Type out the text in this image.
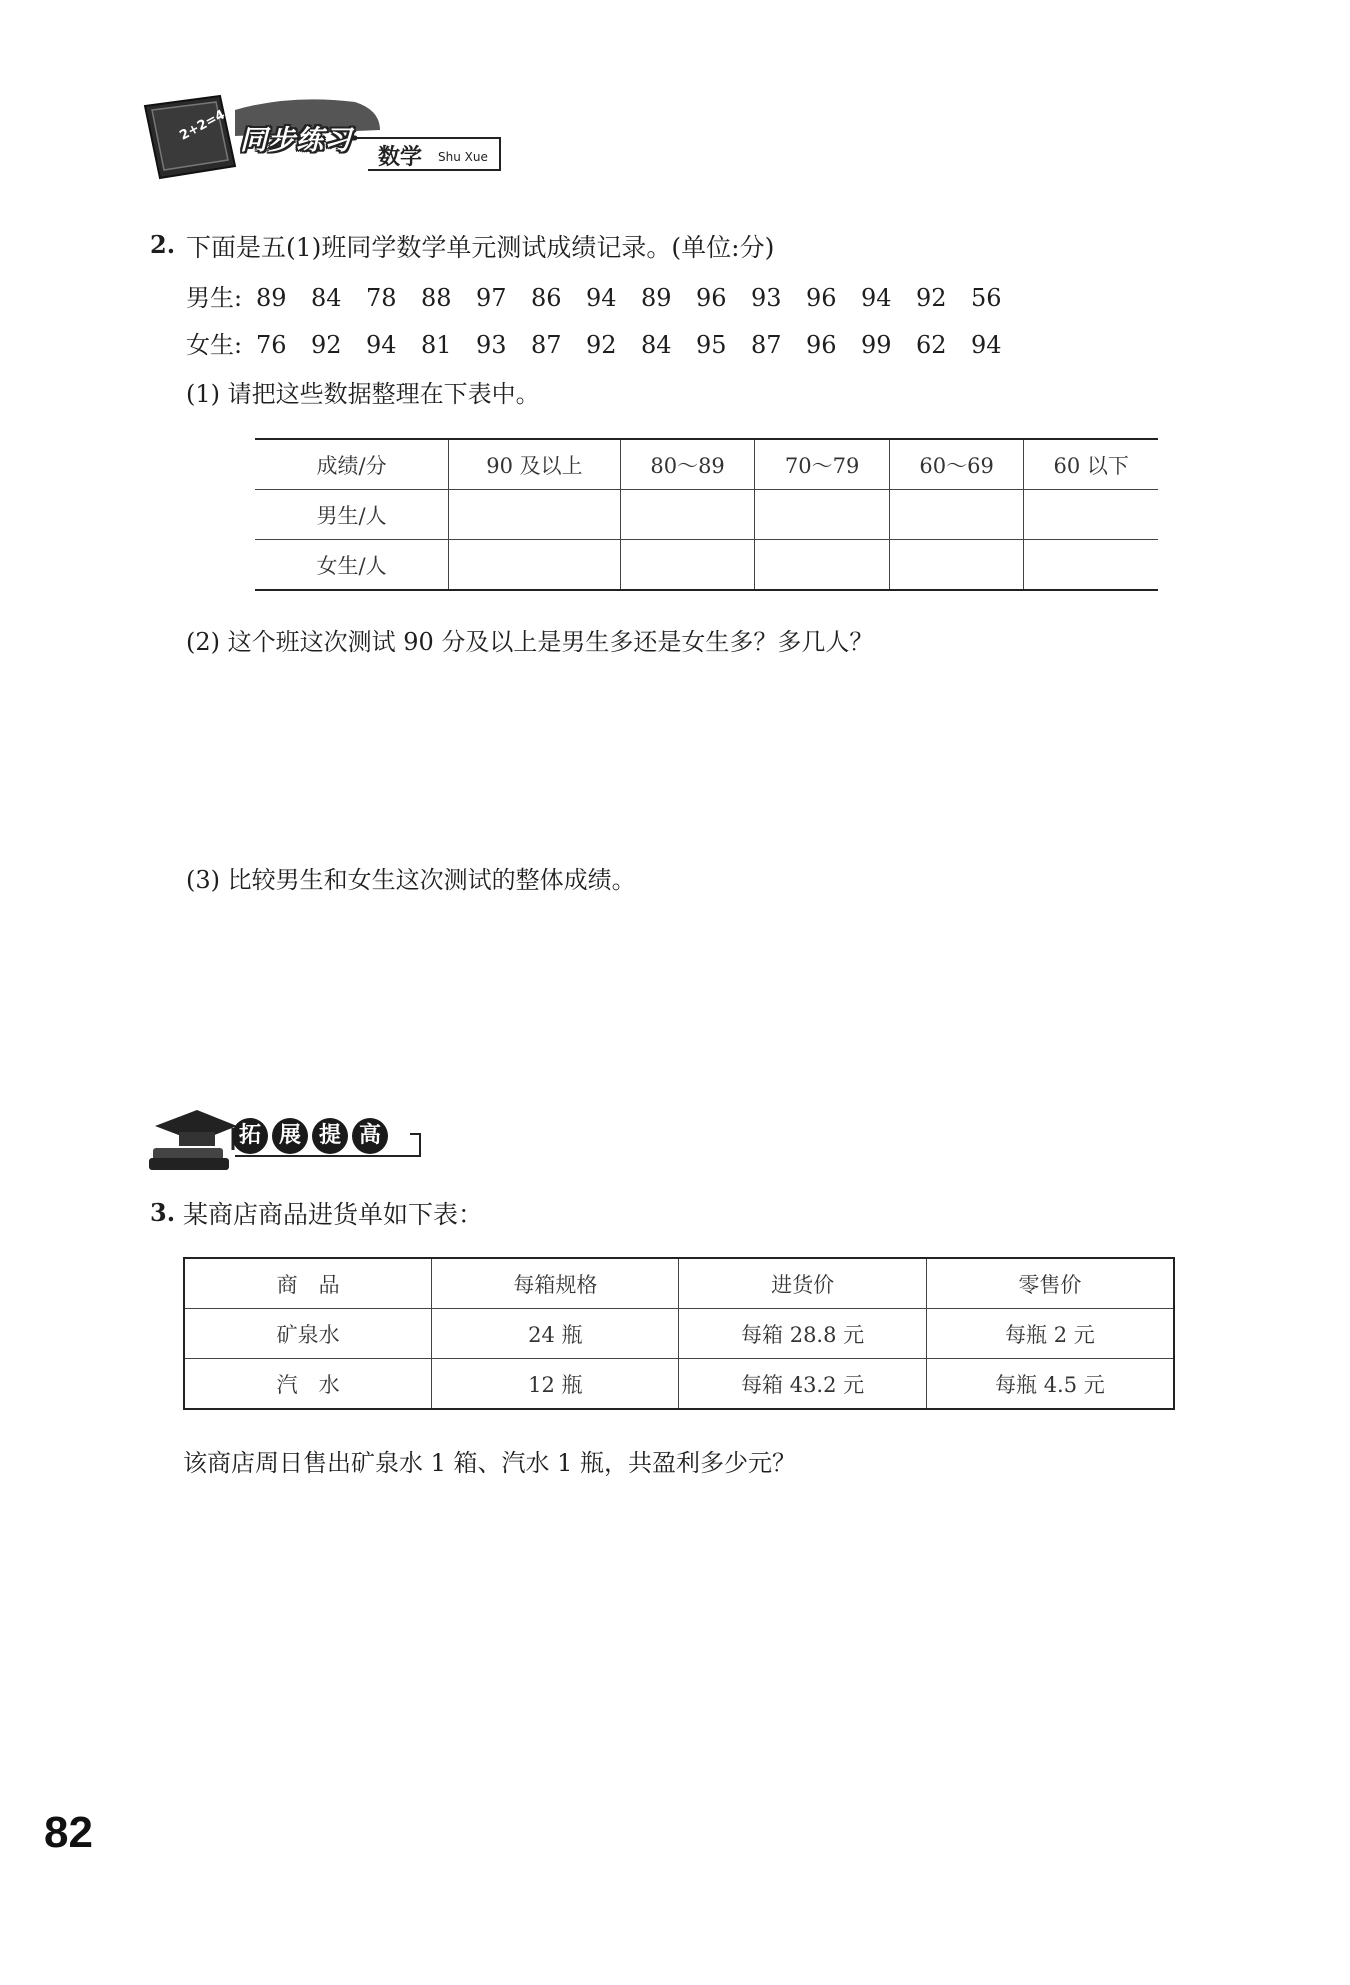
2+2=4 同步练习
数学 Shu Xue
2. 下面是五(1)班同学数学单元测试成绩记录。(单位:分)
男生: 89 84 78 88 97 86 94 89 96 93 96 94 92 56
女生: 76 92 94 81 93 87 92 84 95 87 96 99 62 94
(1) 请把这些数据整理在下表中。
成绩/分	90 及以上	80～89	70～79	60～69	60 以下
男生/人					
女生/人					
(2) 这个班这次测试 90 分及以上是男生多还是女生多？多几人？
(3) 比较男生和女生这次测试的整体成绩。
拓 展 提 高
3. 某商店商品进货单如下表：
商　品	每箱规格	进货价	零售价
矿泉水	24 瓶	每箱 28.8 元	每瓶 2 元
汽　水	12 瓶	每箱 43.2 元	每瓶 4.5 元
该商店周日售出矿泉水 1 箱、汽水 1 瓶，共盈利多少元？
82
